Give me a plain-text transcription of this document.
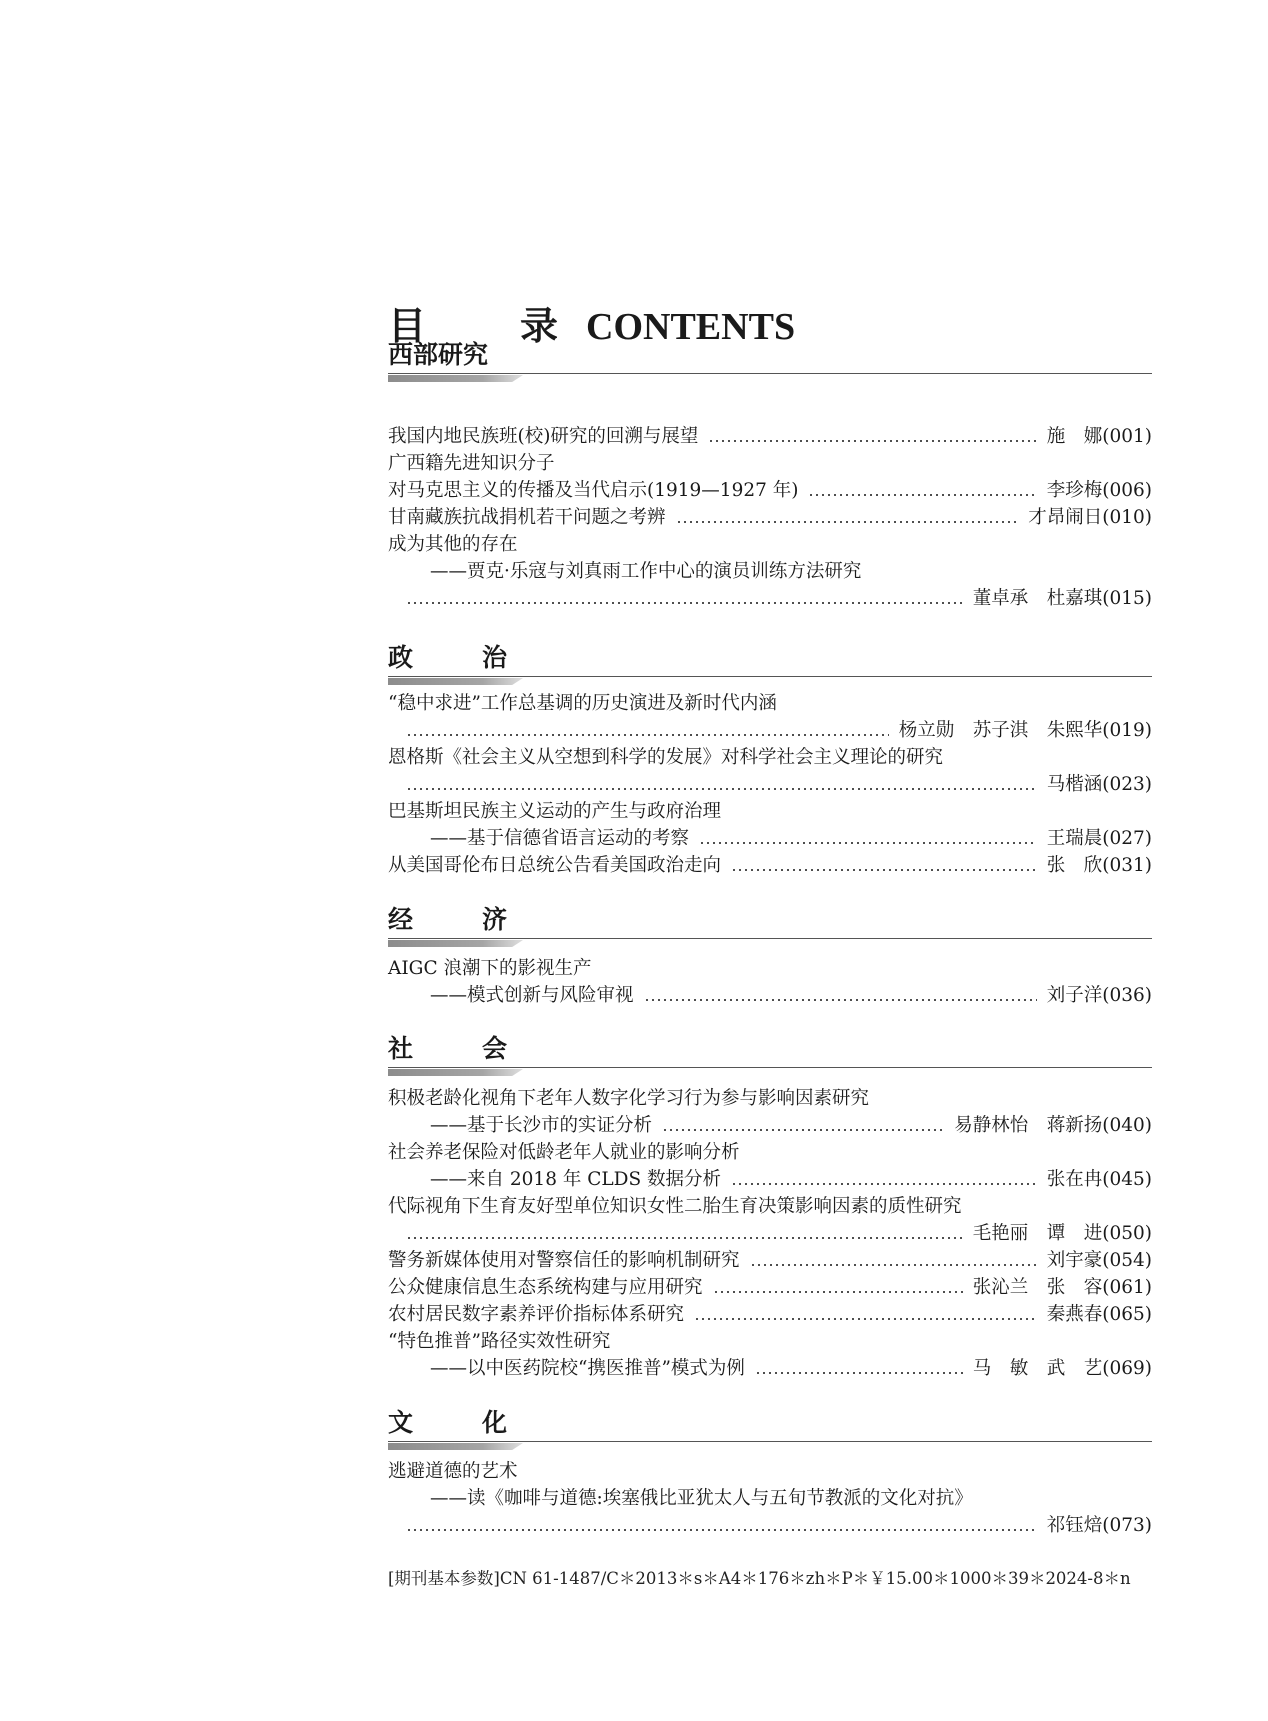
目　录CONTENTS
西部研究
我国内地民族班(校)研究的回溯与展望	施　娜 (001)
广西籍先进知识分子
对马克思主义的传播及当代启示(1919—1927 年)	李珍梅 (006)
甘南藏族抗战捐机若干问题之考辨	才昂闹日 (010)
成为其他的存在
——贾克·乐寇与刘真雨工作中心的演员训练方法研究
董卓承　杜嘉琪 (015)
政　治
“稳中求进”工作总基调的历史演进及新时代内涵
杨立勋　苏子淇　朱熙华 (019)
恩格斯《社会主义从空想到科学的发展》对科学社会主义理论的研究
马楷涵 (023)
巴基斯坦民族主义运动的产生与政府治理
——基于信德省语言运动的考察	王瑞晨 (027)
从美国哥伦布日总统公告看美国政治走向	张　欣 (031)
经　济
AIGC 浪潮下的影视生产
——模式创新与风险审视	刘子洋 (036)
社　会
积极老龄化视角下老年人数字化学习行为参与影响因素研究
——基于长沙市的实证分析	易静林怡　蒋新扬 (040)
社会养老保险对低龄老年人就业的影响分析
——来自 2018 年 CLDS 数据分析	张在冉 (045)
代际视角下生育友好型单位知识女性二胎生育决策影响因素的质性研究
毛艳丽　谭　进 (050)
警务新媒体使用对警察信任的影响机制研究	刘宇豪 (054)
公众健康信息生态系统构建与应用研究	张沁兰　张　容 (061)
农村居民数字素养评价指标体系研究	秦燕春 (065)
“特色推普”路径实效性研究
——以中医药院校“携医推普”模式为例	马　敏　武　艺 (069)
文　化
逃避道德的艺术
——读《咖啡与道德:埃塞俄比亚犹太人与五旬节教派的文化对抗》
祁钰焙 (073)
[期刊基本参数]CN 61-1487/C＊2013＊s＊A4＊176＊zh＊P＊￥15.00＊1000＊39＊2024-8＊n
